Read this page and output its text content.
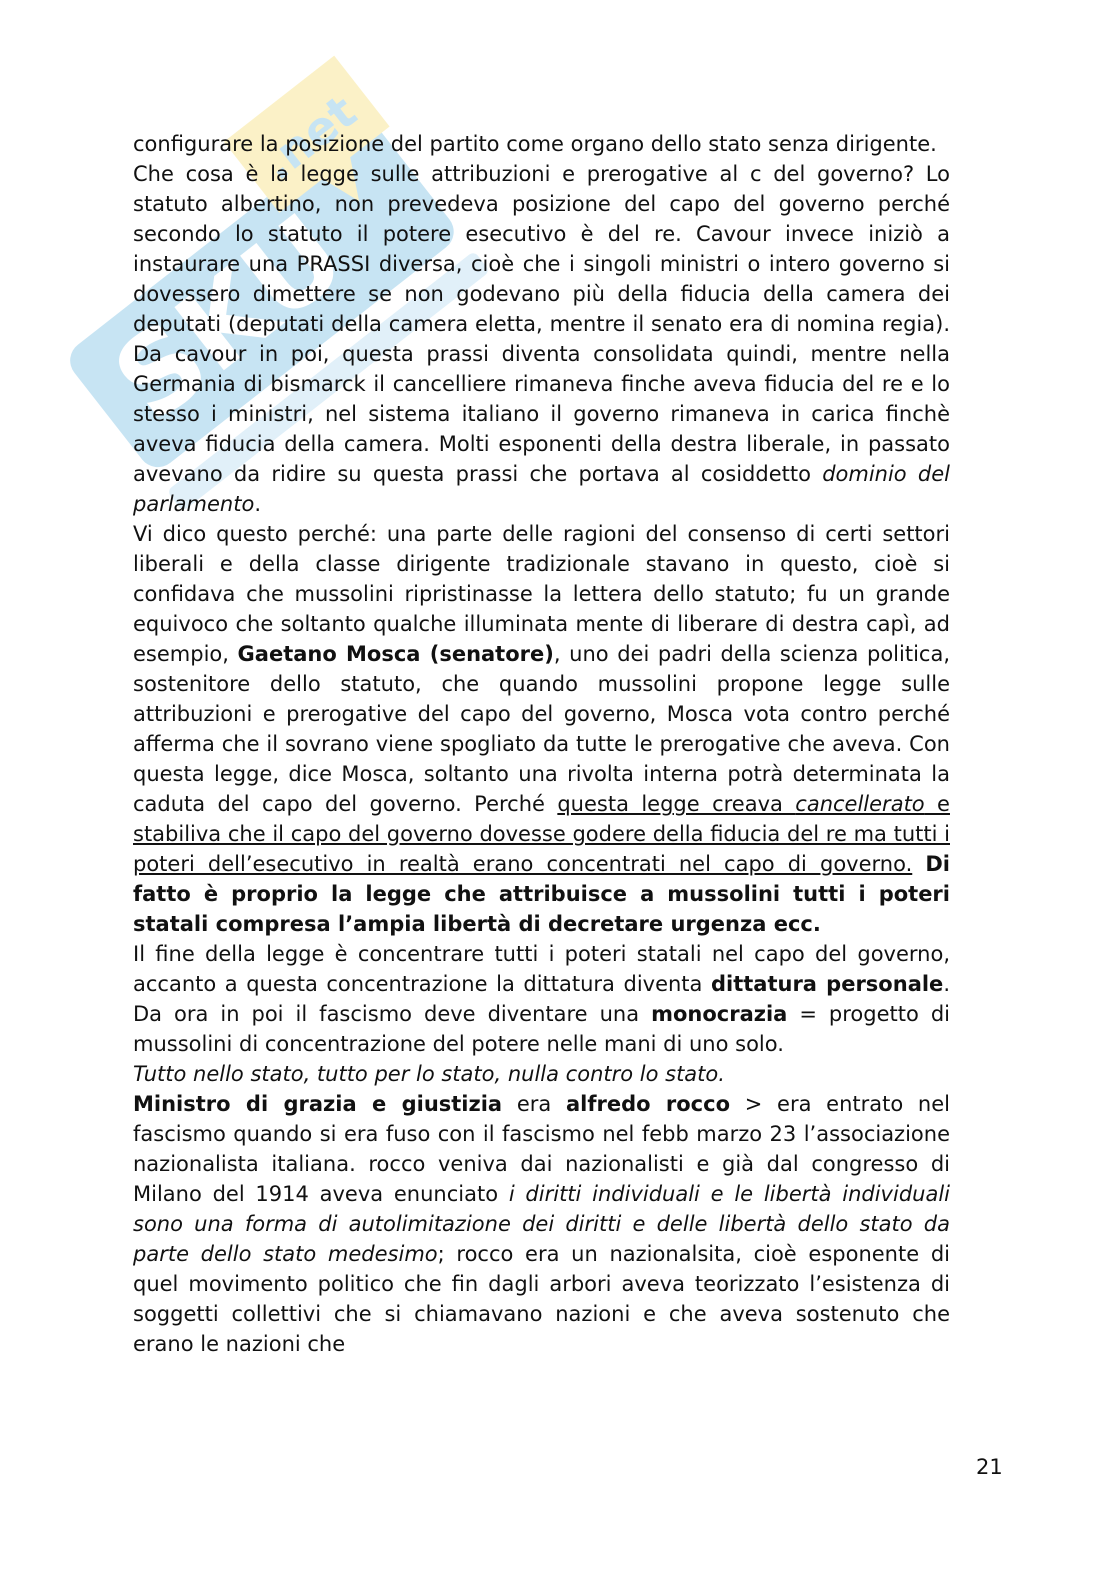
SKU
.net

configurare la posizione del partito come organo dello stato senza dirigente.

Che cosa è la legge sulle attribuzioni e prerogative al c del governo? Lo statuto albertino, non prevedeva posizione del capo del governo perché secondo lo statuto il potere esecutivo è del re. Cavour invece iniziò a instaurare una PRASSI diversa, cioè che i singoli ministri o intero governo si dovessero dimettere se non godevano più della fiducia della camera dei deputati (deputati della camera eletta, mentre il senato era di nomina regia). Da cavour in poi, questa prassi diventa consolidata quindi, mentre nella Germania di bismarck il cancelliere rimaneva finche aveva fiducia del re e lo stesso i ministri, nel sistema italiano il governo rimaneva in carica finchè aveva fiducia della camera. Molti esponenti della destra liberale, in passato avevano da ridire su questa prassi che portava al cosiddetto dominio del parlamento.

Vi dico questo perché: una parte delle ragioni del consenso di certi settori liberali e della classe dirigente tradizionale stavano in questo, cioè si confidava che mussolini ripristinasse la lettera dello statuto; fu un grande equivoco che soltanto qualche illuminata mente di liberare di destra capì, ad esempio, Gaetano Mosca (senatore), uno dei padri della scienza politica, sostenitore dello statuto, che quando mussolini propone legge sulle attribuzioni e prerogative del capo del governo, Mosca vota contro perché afferma che il sovrano viene spogliato da tutte le prerogative che aveva. Con questa legge, dice Mosca, soltanto una rivolta interna potrà determinata la caduta del capo del governo. Perché questa legge creava cancellerato e stabiliva che il capo del governo dovesse godere della fiducia del re ma tutti i poteri dell’esecutivo in realtà erano concentrati nel capo di governo. Di fatto è proprio la legge che attribuisce a mussolini tutti i poteri statali compresa l’ampia libertà di decretare urgenza ecc.

Il fine della legge è concentrare tutti i poteri statali nel capo del governo, accanto a questa concentrazione la dittatura diventa dittatura personale. Da ora in poi il fascismo deve diventare una monocrazia = progetto di mussolini di concentrazione del potere nelle mani di uno solo.

Tutto nello stato, tutto per lo stato, nulla contro lo stato.

Ministro di grazia e giustizia era alfredo rocco > era entrato nel fascismo quando si era fuso con il fascismo nel febb marzo 23 l’associazione nazionalista italiana. rocco veniva dai nazionalisti e già dal congresso di Milano del 1914 aveva enunciato i diritti individuali e le libertà individuali sono una forma di autolimitazione dei diritti e delle libertà dello stato da parte dello stato medesimo; rocco era un nazionalsita, cioè esponente di quel movimento politico che fin dagli arbori aveva teorizzato l’esistenza di soggetti collettivi che si chiamavano nazioni e che aveva sostenuto che erano le nazioni che

21
